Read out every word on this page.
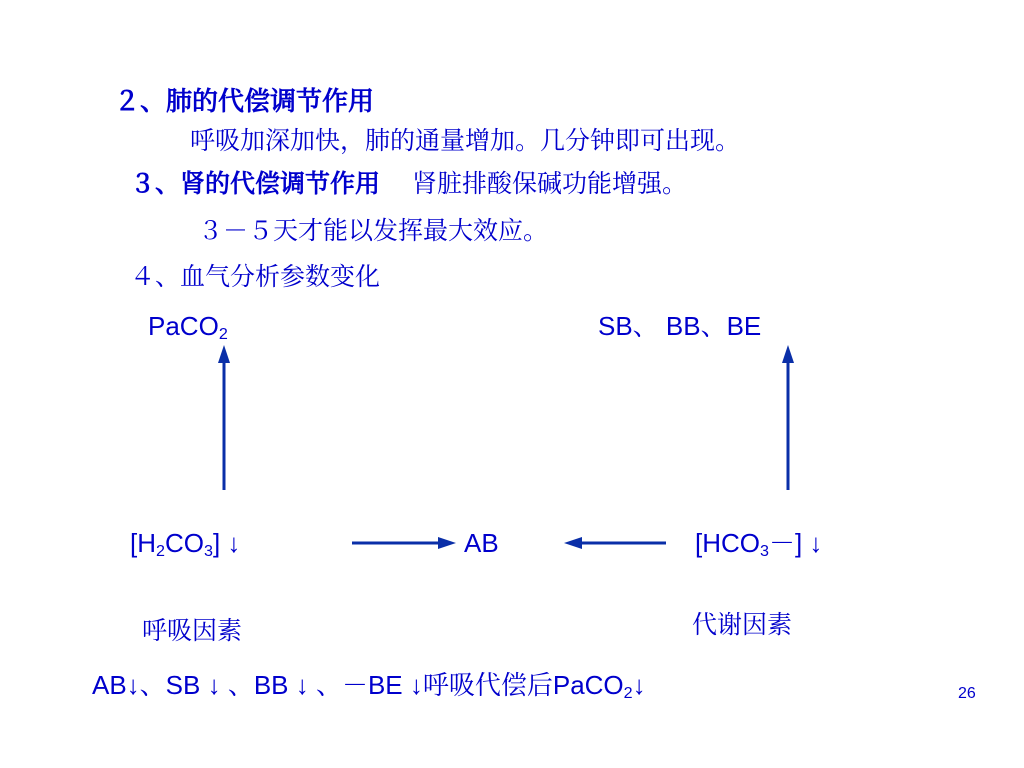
２、肺的代偿调节作用
呼吸加深加快，肺的通量增加。几分钟即可出现。
３、肾的代偿调节作用 肾脏排酸保碱功能增强。
３－５天才能以发挥最大效应。
４、血气分析参数变化
PaCO$_2$	SB、 BB、BE
$[H_2CO_3]$ ↓	AB	$[HCO_3-]$ ↓
呼吸因素	代谢因素
AB↓、SB ↓ 、BB ↓ 、－BE ↓呼吸代偿后PaCO$_2$↓	26
